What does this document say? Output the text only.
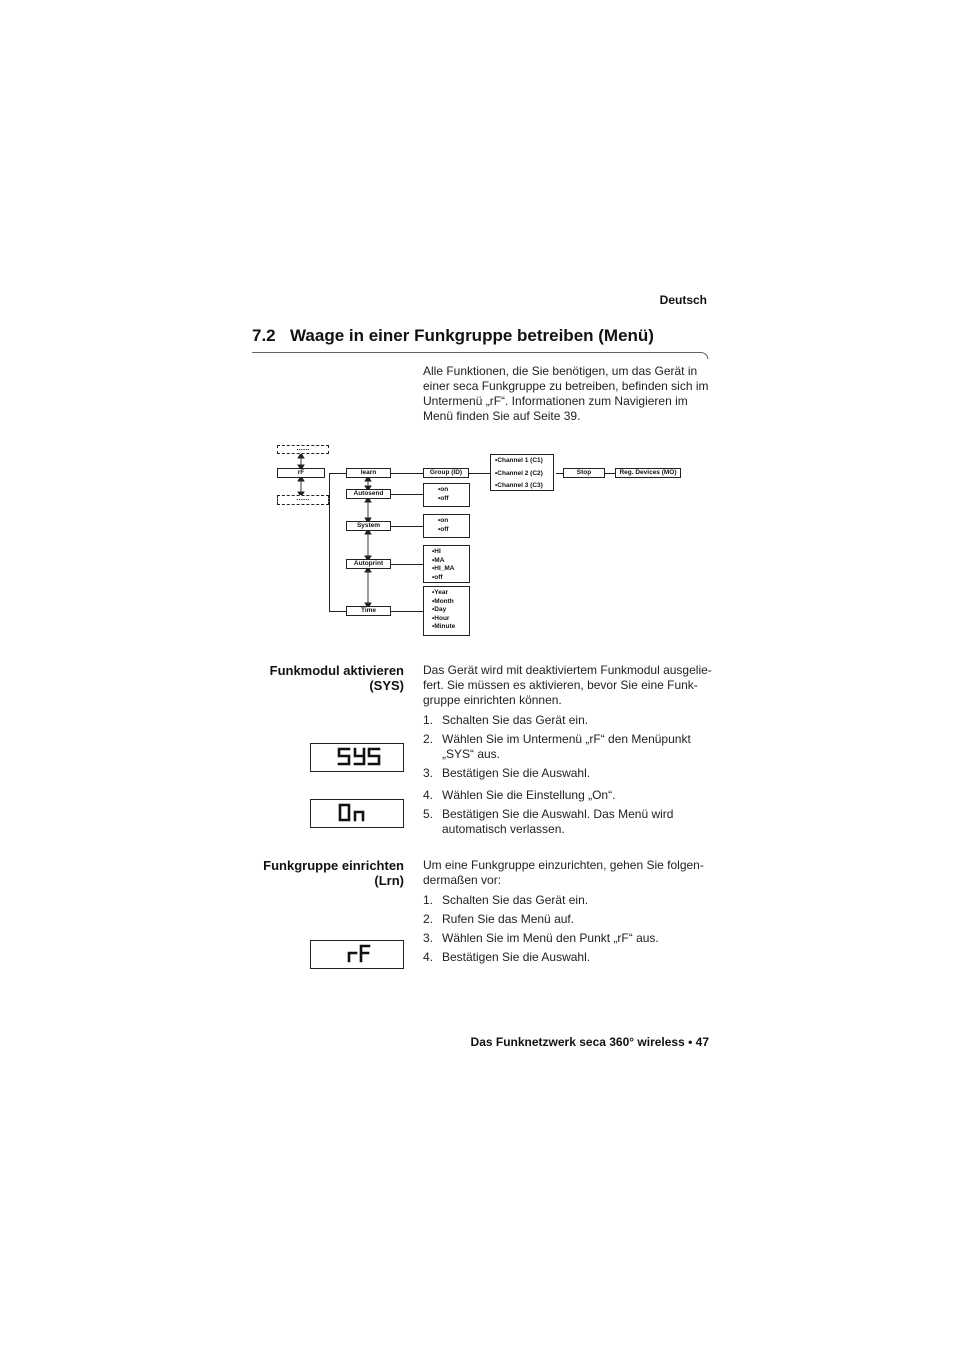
Deutsch
7.2 Waage in einer Funkgruppe betreiben (Menü)
Alle Funktionen, die Sie benötigen, um das Gerät in einer seca Funkgruppe zu betreiben, befinden sich im Untermenü „rF“. Informationen zum Navigieren im Menü finden Sie auf Seite 39.
.......
rF
.......
learn
Autosend
System
Autoprint
Time
Group (ID)
• Channel 1 (C1)
• Channel 2 (C2)
• Channel 3 (C3)
Stop	Reg. Devices (MO)
• on
• off
• on
• off
• HI
• MA
• HI_MA
• off
• Year
• Month
• Day
• Hour
• Minute
Funkmodul aktivieren
(SYS)
Das Gerät wird mit deaktiviertem Funkmodul ausgelie-fert. Sie müssen es aktivieren, bevor Sie eine Funk-gruppe einrichten können.
1. Schalten Sie das Gerät ein.
2. Wählen Sie im Untermenü „rF“ den Menüpunkt „SYS“ aus.
3. Bestätigen Sie die Auswahl.
4. Wählen Sie die Einstellung „On“.
5. Bestätigen Sie die Auswahl. Das Menü wird automatisch verlassen.
Funkgruppe einrichten
(Lrn)
Um eine Funkgruppe einzurichten, gehen Sie folgen-dermaßen vor:
1. Schalten Sie das Gerät ein.
2. Rufen Sie das Menü auf.
3. Wählen Sie im Menü den Punkt „rF“ aus.
4. Bestätigen Sie die Auswahl.
Das Funknetzwerk seca 360° wireless • 47
